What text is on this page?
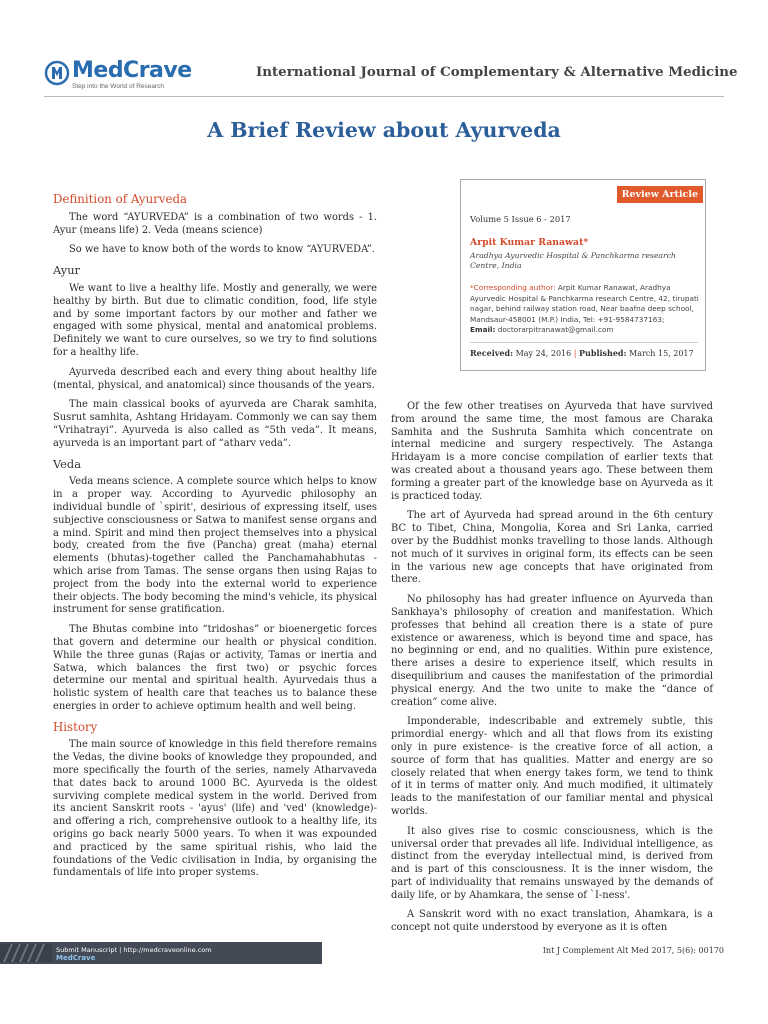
MedCrave
Step into the World of Research
International Journal of Complementary & Alternative Medicine
A Brief Review about Ayurveda
Review Article
Volume 5 Issue 6 - 2017
Arpit Kumar Ranawat*
Aradhya Ayurvedic Hospital & Panchkarma research Centre, India
*Corresponding author: Arpit Kumar Ranawat, Aradhya Ayurvedic Hospital & Panchkarma research Centre, 42, tirupati nagar, behind railway station road, Near baafna deep school, Mandsaur-458001 (M.P.) India, Tel: +91-9584737163;
Email: doctorarpitranawat@gmail.com
Received: May 24, 2016 | Published: March 15, 2017
Definition of Ayurveda

The word “AYURVEDA” is a combination of two words - 1. Ayur (means life) 2. Veda (means science)

So we have to know both of the words to know “AYURVEDA”.

Ayur

We want to live a healthy life. Mostly and generally, we were healthy by birth. But due to climatic condition, food, life style and by some important factors by our mother and father we engaged with some physical, mental and anatomical problems. Definitely we want to cure ourselves, so we try to find solutions for a healthy life.

Ayurveda described each and every thing about healthy life (mental, physical, and anatomical) since thousands of the years.

The main classical books of ayurveda are Charak samhita, Susrut samhita, Ashtang Hridayam. Commonly we can say them “Vrihatrayi”. Ayurveda is also called as “5th veda”. It means, ayurveda is an important part of “atharv veda”.

Veda

Veda means science. A complete source which helps to know in a proper way. According to Ayurvedic philosophy an individual bundle of `spirit', desirious of expressing itself, uses subjective consciousness or Satwa to manifest sense organs and a mind. Spirit and mind then project themselves into a physical body, created from the five (Pancha) great (maha) eternal elements (bhutas)-together called the Panchamahabhutas -which arise from Tamas. The sense organs then using Rajas to project from the body into the external world to experience their objects. The body becoming the mind's vehicle, its physical instrument for sense gratification.

The Bhutas combine into “tridoshas” or bioenergetic forces that govern and determine our health or physical condition. While the three gunas (Rajas or activity, Tamas or inertia and Satwa, which balances the first two) or psychic forces determine our mental and spiritual health. Ayurvedais thus a holistic system of health care that teaches us to balance these energies in order to achieve optimum health and well being.

History

The main source of knowledge in this field therefore remains the Vedas, the divine books of knowledge they propounded, and more specifically the fourth of the series, namely Atharvaveda that dates back to around 1000 BC. Ayurveda is the oldest surviving complete medical system in the world. Derived from its ancient Sanskrit roots - 'ayus' (life) and 'ved' (knowledge)- and offering a rich, comprehensive outlook to a healthy life, its origins go back nearly 5000 years. To when it was expounded and practiced by the same spiritual rishis, who laid the foundations of the Vedic civilisation in India, by organising the fundamentals of life into proper systems.

Of the few other treatises on Ayurveda that have survived from around the same time, the most famous are Charaka Samhita and the Sushruta Samhita which concentrate on internal medicine and surgery respectively. The Astanga Hridayam is a more concise compilation of earlier texts that was created about a thousand years ago. These between them forming a greater part of the knowledge base on Ayurveda as it is practiced today.

The art of Ayurveda had spread around in the 6th century BC to Tibet, China, Mongolia, Korea and Sri Lanka, carried over by the Buddhist monks travelling to those lands. Although not much of it survives in original form, its effects can be seen in the various new age concepts that have originated from there.

No philosophy has had greater influence on Ayurveda than Sankhaya's philosophy of creation and manifestation. Which professes that behind all creation there is a state of pure existence or awareness, which is beyond time and space, has no beginning or end, and no qualities. Within pure existence, there arises a desire to experience itself, which results in disequilibrium and causes the manifestation of the primordial physical energy. And the two unite to make the “dance of creation” come alive.

Imponderable, indescribable and extremely subtle, this primordial energy- which and all that flows from its existing only in pure existence- is the creative force of all action, a source of form that has qualities. Matter and energy are so closely related that when energy takes form, we tend to think of it in terms of matter only. And much modified, it ultimately leads to the manifestation of our familiar mental and physical worlds.

It also gives rise to cosmic consciousness, which is the universal order that prevades all life. Individual intelligence, as distinct from the everyday intellectual mind, is derived from and is part of this consciousness. It is the inner wisdom, the part of individuality that remains unswayed by the demands of daily life, or by Ahamkara, the sense of `I-ness'.

A Sanskrit word with no exact translation, Ahamkara, is a concept not quite understood by everyone as it is often

Submit Manuscript | http://medcraveonline.com
MedCrave
Int J Complement Alt Med 2017, 5(6): 00170
